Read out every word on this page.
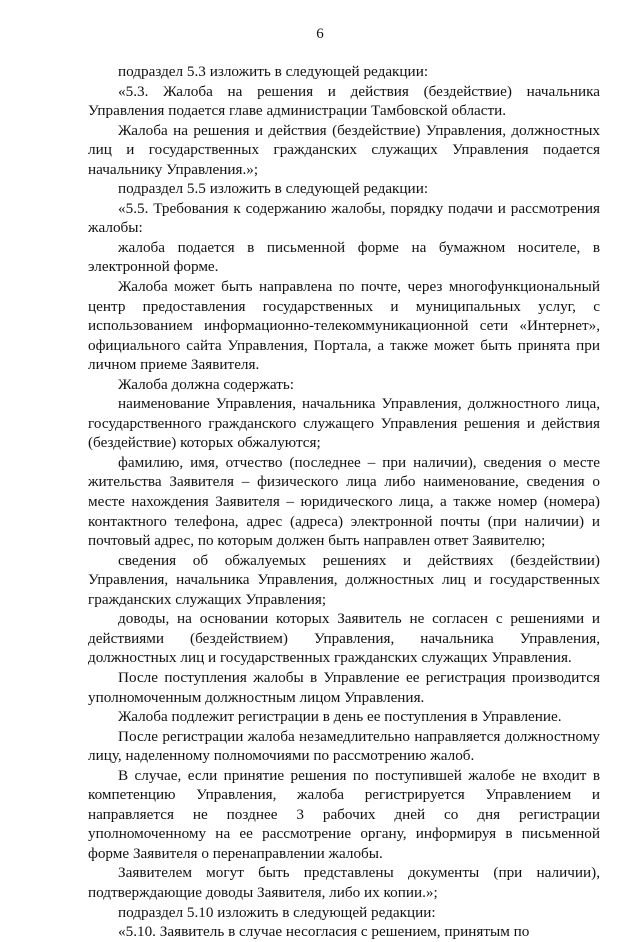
6

подраздел 5.3 изложить в следующей редакции:

«5.3. Жалоба на решения и действия (бездействие) начальника Управления подается главе администрации Тамбовской области.

Жалоба на решения и действия (бездействие) Управления, должностных лиц и государственных гражданских служащих Управления подается начальнику Управления.»;

подраздел 5.5 изложить в следующей редакции:

«5.5. Требования к содержанию жалобы, порядку подачи и рассмотрения жалобы:

жалоба подается в письменной форме на бумажном носителе, в электронной форме.

Жалоба может быть направлена по почте, через многофункциональный центр предоставления государственных и муниципальных услуг, с использованием информационно-телекоммуникационной сети «Интернет», официального сайта Управления, Портала, а также может быть принята при личном приеме Заявителя.

Жалоба должна содержать:

наименование Управления, начальника Управления, должностного лица, государственного гражданского служащего Управления решения и действия (бездействие) которых обжалуются;

фамилию, имя, отчество (последнее – при наличии), сведения о месте жительства Заявителя – физического лица либо наименование, сведения о месте нахождения Заявителя – юридического лица, а также номер (номера) контактного телефона, адрес (адреса) электронной почты (при наличии) и почтовый адрес, по которым должен быть направлен ответ Заявителю;

сведения об обжалуемых решениях и действиях (бездействии) Управления, начальника Управления, должностных лиц и государственных гражданских служащих Управления;

доводы, на основании которых Заявитель не согласен с решениями и действиями (бездействием) Управления, начальника Управления, должностных лиц и государственных гражданских служащих Управления.

После поступления жалобы в Управление ее регистрация производится уполномоченным должностным лицом Управления.

Жалоба подлежит регистрации в день ее поступления в Управление.

После регистрации жалоба незамедлительно направляется должностному лицу, наделенному полномочиями по рассмотрению жалоб.

В случае, если принятие решения по поступившей жалобе не входит в компетенцию Управления, жалоба регистрируется Управлением и направляется не позднее 3 рабочих дней со дня регистрации уполномоченному на ее рассмотрение органу, информируя в письменной форме Заявителя о перенаправлении жалобы.

Заявителем могут быть представлены документы (при наличии), подтверждающие доводы Заявителя, либо их копии.»;

подраздел 5.10 изложить в следующей редакции:

«5.10. Заявитель в случае несогласия с решением, принятым по
